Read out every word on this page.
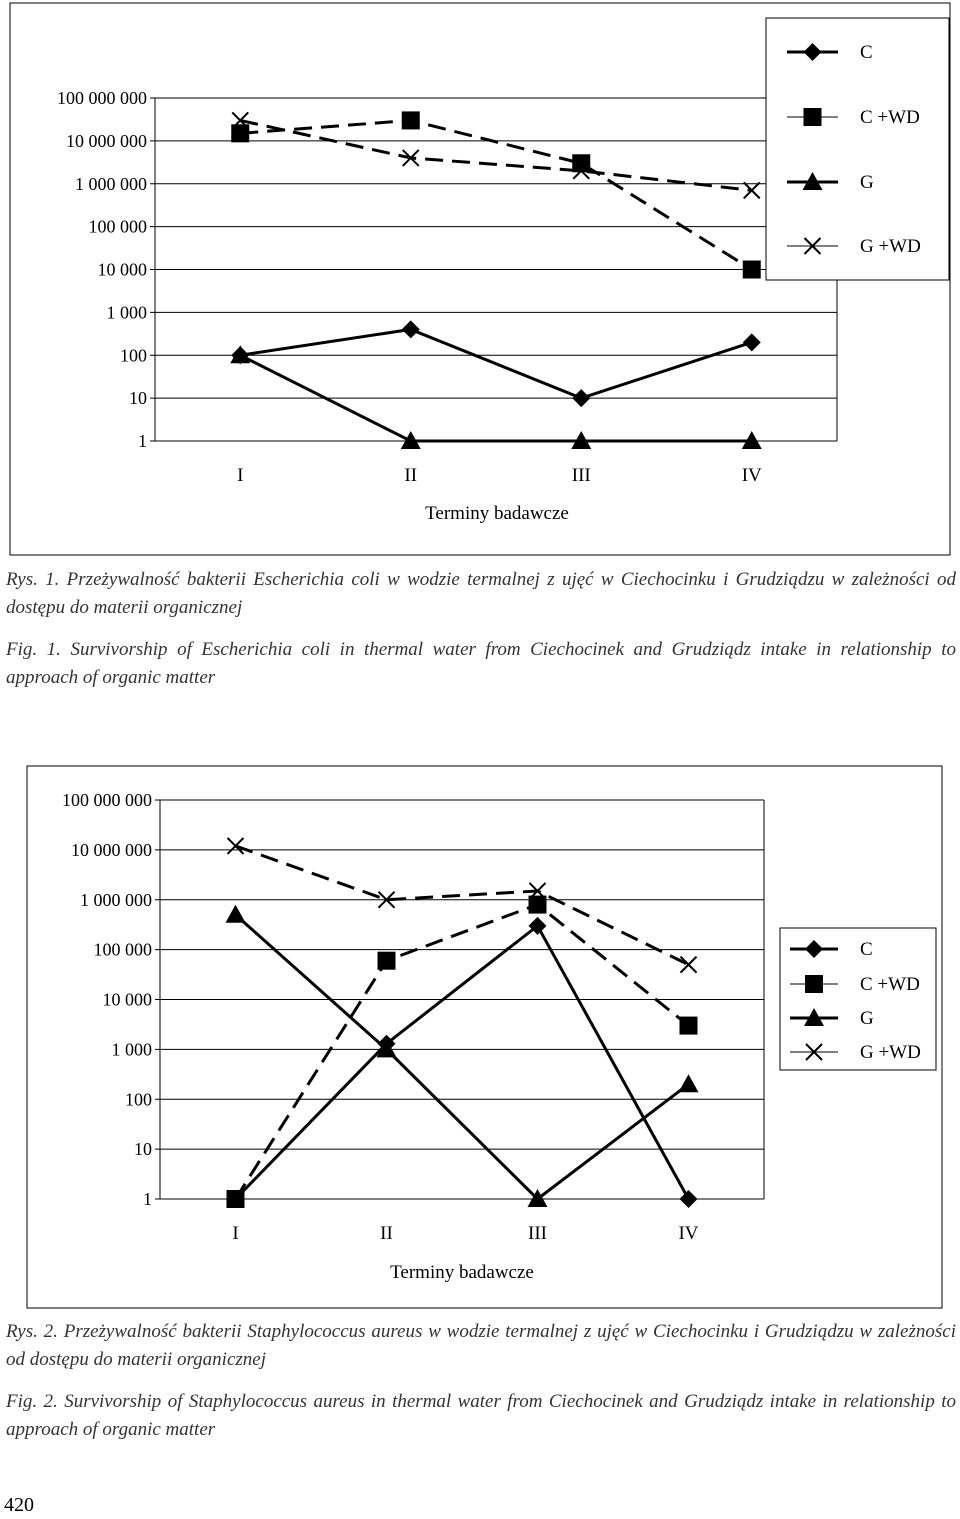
100 000 000
10 000 000
1 000 000
100 000
10 000
1 000
100
10
1
I	II	III	IV
Terminy badawcze
C
C +WD
G
G +WD
Rys. 1. Przeżywalność bakterii Escherichia coli w wodzie termalnej z ujęć w Ciechocinku i Grudziądzu w zależności od dostępu do materii organicznej
Fig. 1. Survivorship of Escherichia coli in thermal water from Ciechocinek and Grudziądz intake in relationship to approach of organic matter
100 000 000
10 000 000
1 000 000
100 000
10 000
1 000
100
10
1
I	II	III	IV
Terminy badawcze
C
C +WD
G
G +WD
Rys. 2. Przeżywalność bakterii Staphylococcus aureus w wodzie termalnej z ujęć w Ciechocinku i Grudziądzu w zależności od dostępu do materii organicznej
Fig. 2. Survivorship of Staphylococcus aureus in thermal water from Ciechocinek and Grudziądz intake in relationship to approach of organic matter
420
